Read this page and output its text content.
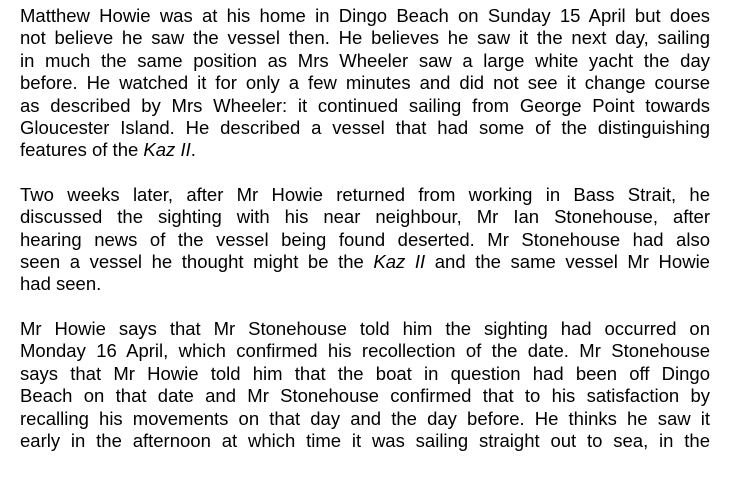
Matthew Howie was at his home in Dingo Beach on Sunday 15 April but does
not believe he saw the vessel then. He believes he saw it the next day, sailing
in much the same position as Mrs Wheeler saw a large white yacht the day
before. He watched it for only a few minutes and did not see it change course
as described by Mrs Wheeler: it continued sailing from George Point towards
Gloucester Island. He described a vessel that had some of the distinguishing
features of the Kaz II.

Two weeks later, after Mr Howie returned from working in Bass Strait, he
discussed the sighting with his near neighbour, Mr Ian Stonehouse, after
hearing news of the vessel being found deserted. Mr Stonehouse had also
seen a vessel he thought might be the Kaz II and the same vessel Mr Howie
had seen.

Mr Howie says that Mr Stonehouse told him the sighting had occurred on
Monday 16 April, which confirmed his recollection of the date. Mr Stonehouse
says that Mr Howie told him that the boat in question had been off Dingo
Beach on that date and Mr Stonehouse confirmed that to his satisfaction by
recalling his movements on that day and the day before. He thinks he saw it
early in the afternoon at which time it was sailing straight out to sea, in the
